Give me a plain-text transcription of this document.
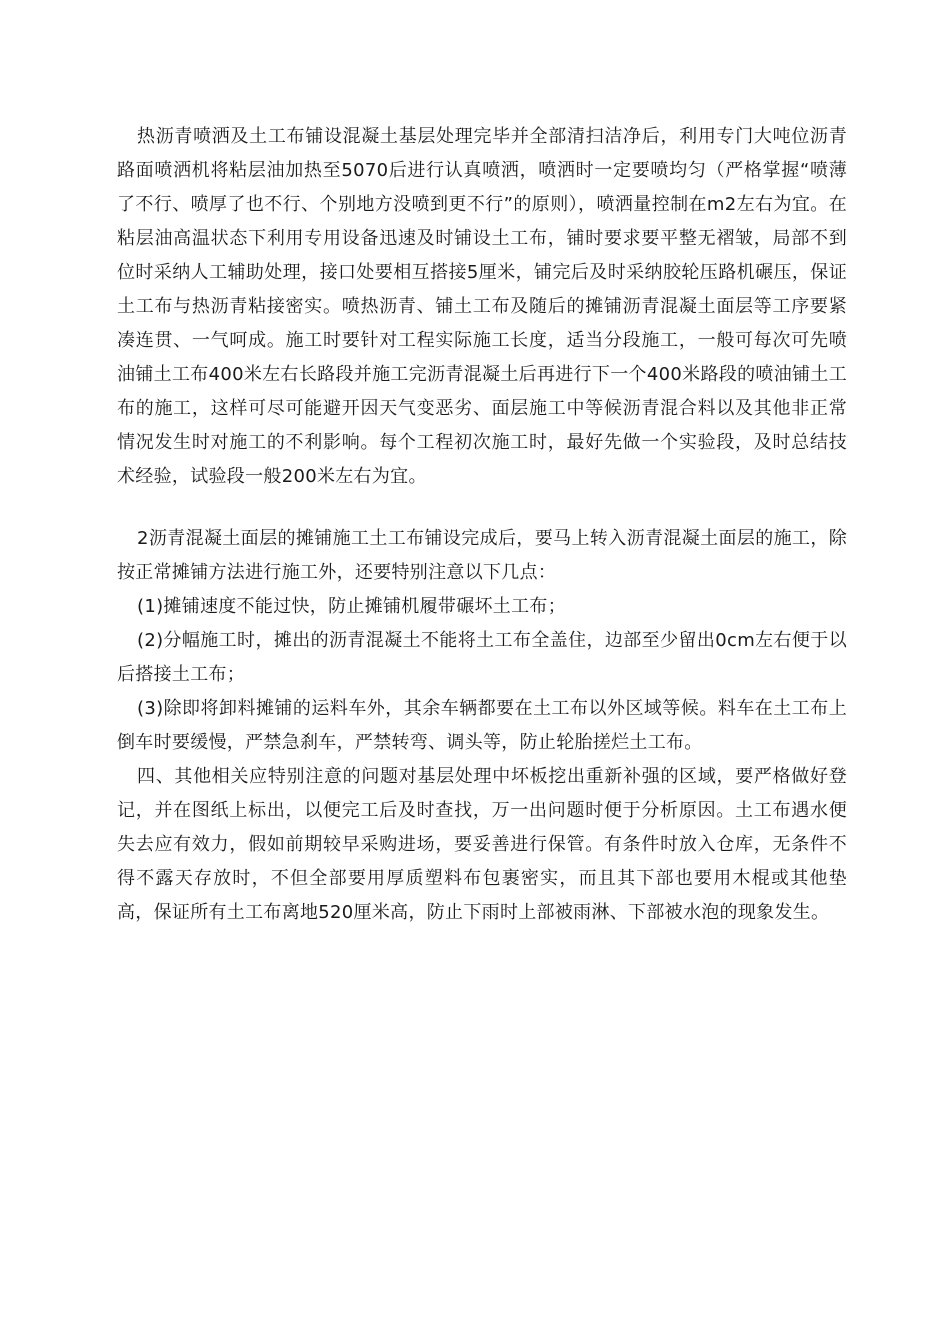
热沥青喷洒及土工布铺设混凝土基层处理完毕并全部清扫洁净后，利用专门大吨位沥青路面喷洒机将粘层油加热至5070后进行认真喷洒，喷洒时一定要喷均匀（严格掌握“喷薄了不行、喷厚了也不行、个别地方没喷到更不行”的原则），喷洒量控制在m2左右为宜。在粘层油高温状态下利用专用设备迅速及时铺设土工布，铺时要求要平整无褶皱，局部不到位时采纳人工辅助处理，接口处要相互搭接5厘米，铺完后及时采纳胶轮压路机碾压，保证土工布与热沥青粘接密实。喷热沥青、铺土工布及随后的摊铺沥青混凝土面层等工序要紧凑连贯、一气呵成。施工时要针对工程实际施工长度，适当分段施工，一般可每次可先喷油铺土工布400米左右长路段并施工完沥青混凝土后再进行下一个400米路段的喷油铺土工布的施工，这样可尽可能避开因天气变恶劣、面层施工中等候沥青混合料以及其他非正常情况发生时对施工的不利影响。每个工程初次施工时，最好先做一个实验段，及时总结技术经验，试验段一般200米左右为宜。

2沥青混凝土面层的摊铺施工土工布铺设完成后，要马上转入沥青混凝土面层的施工，除按正常摊铺方法进行施工外，还要特别注意以下几点：

(1)摊铺速度不能过快，防止摊铺机履带碾坏土工布；

(2)分幅施工时，摊出的沥青混凝土不能将土工布全盖住，边部至少留出0cm左右便于以后搭接土工布；

(3)除即将卸料摊铺的运料车外，其余车辆都要在土工布以外区域等候。料车在土工布上倒车时要缓慢，严禁急刹车，严禁转弯、调头等，防止轮胎搓烂土工布。

四、其他相关应特别注意的问题对基层处理中坏板挖出重新补强的区域，要严格做好登记，并在图纸上标出，以便完工后及时查找，万一出问题时便于分析原因。土工布遇水便失去应有效力，假如前期较早采购进场，要妥善进行保管。有条件时放入仓库，无条件不得不露天存放时，不但全部要用厚质塑料布包裹密实，而且其下部也要用木棍或其他垫高，保证所有土工布离地520厘米高，防止下雨时上部被雨淋、下部被水泡的现象发生。
